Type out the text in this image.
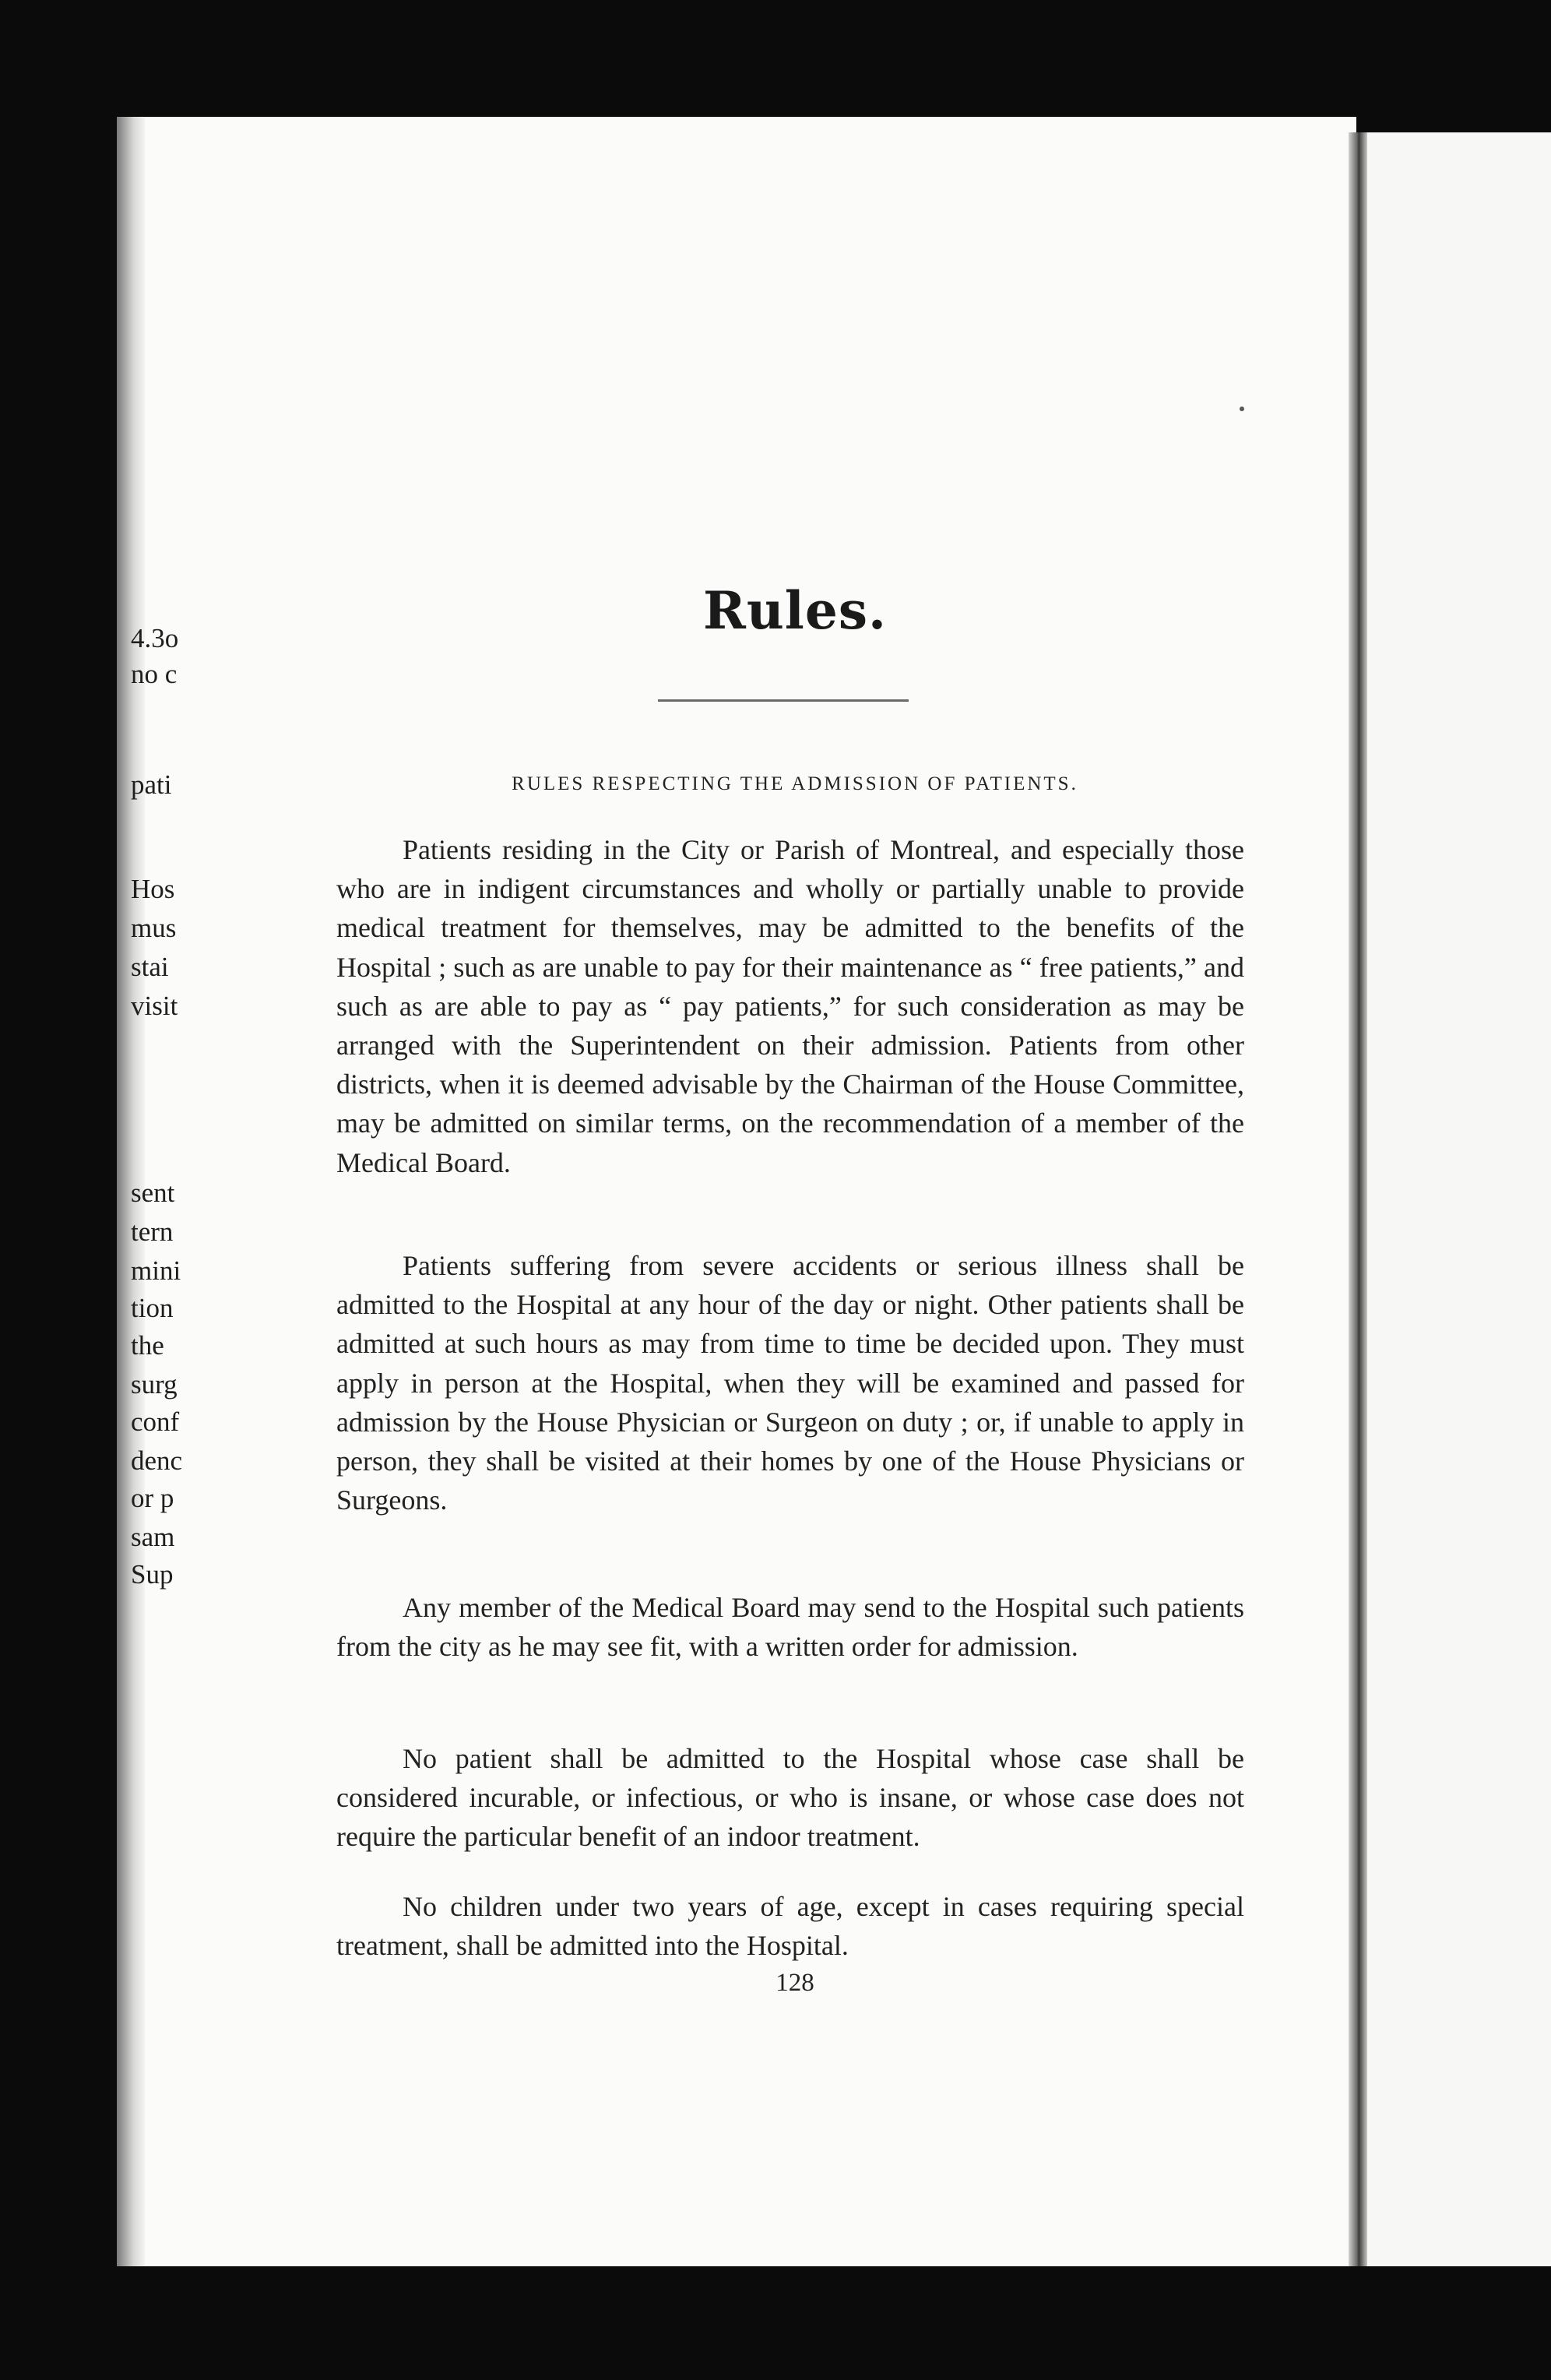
4.3o
no c
pati
Hos
mus
stai
visit
sent
tern
mini
tion
the
surg
conf
denc
or p
sam
Sup
Rules.
RULES RESPECTING THE ADMISSION OF PATIENTS.

Patients residing in the City or Parish of Montreal, and especially those who are in indigent circumstances and wholly or partially unable to provide medical treatment for themselves, may be admitted to the benefits of the Hospital ; such as are unable to pay for their maintenance as “ free patients,” and such as are able to pay as “ pay patients,” for such consideration as may be arranged with the Superintendent on their admission. Patients from other districts, when it is deemed advisable by the Chairman of the House Committee, may be admitted on similar terms, on the recommendation of a member of the Medical Board.

Patients suffering from severe accidents or serious illness shall be admitted to the Hospital at any hour of the day or night. Other patients shall be admitted at such hours as may from time to time be decided upon. They must apply in person at the Hospital, when they will be examined and passed for admission by the House Physician or Surgeon on duty ; or, if unable to apply in person, they shall be visited at their homes by one of the House Physicians or Surgeons.

Any member of the Medical Board may send to the Hospital such patients from the city as he may see fit, with a written order for admission.

No patient shall be admitted to the Hospital whose case shall be considered incurable, or infectious, or who is insane, or whose case does not require the particular benefit of an indoor treatment.

No children under two years of age, except in cases requiring special treatment, shall be admitted into the Hospital.

128
